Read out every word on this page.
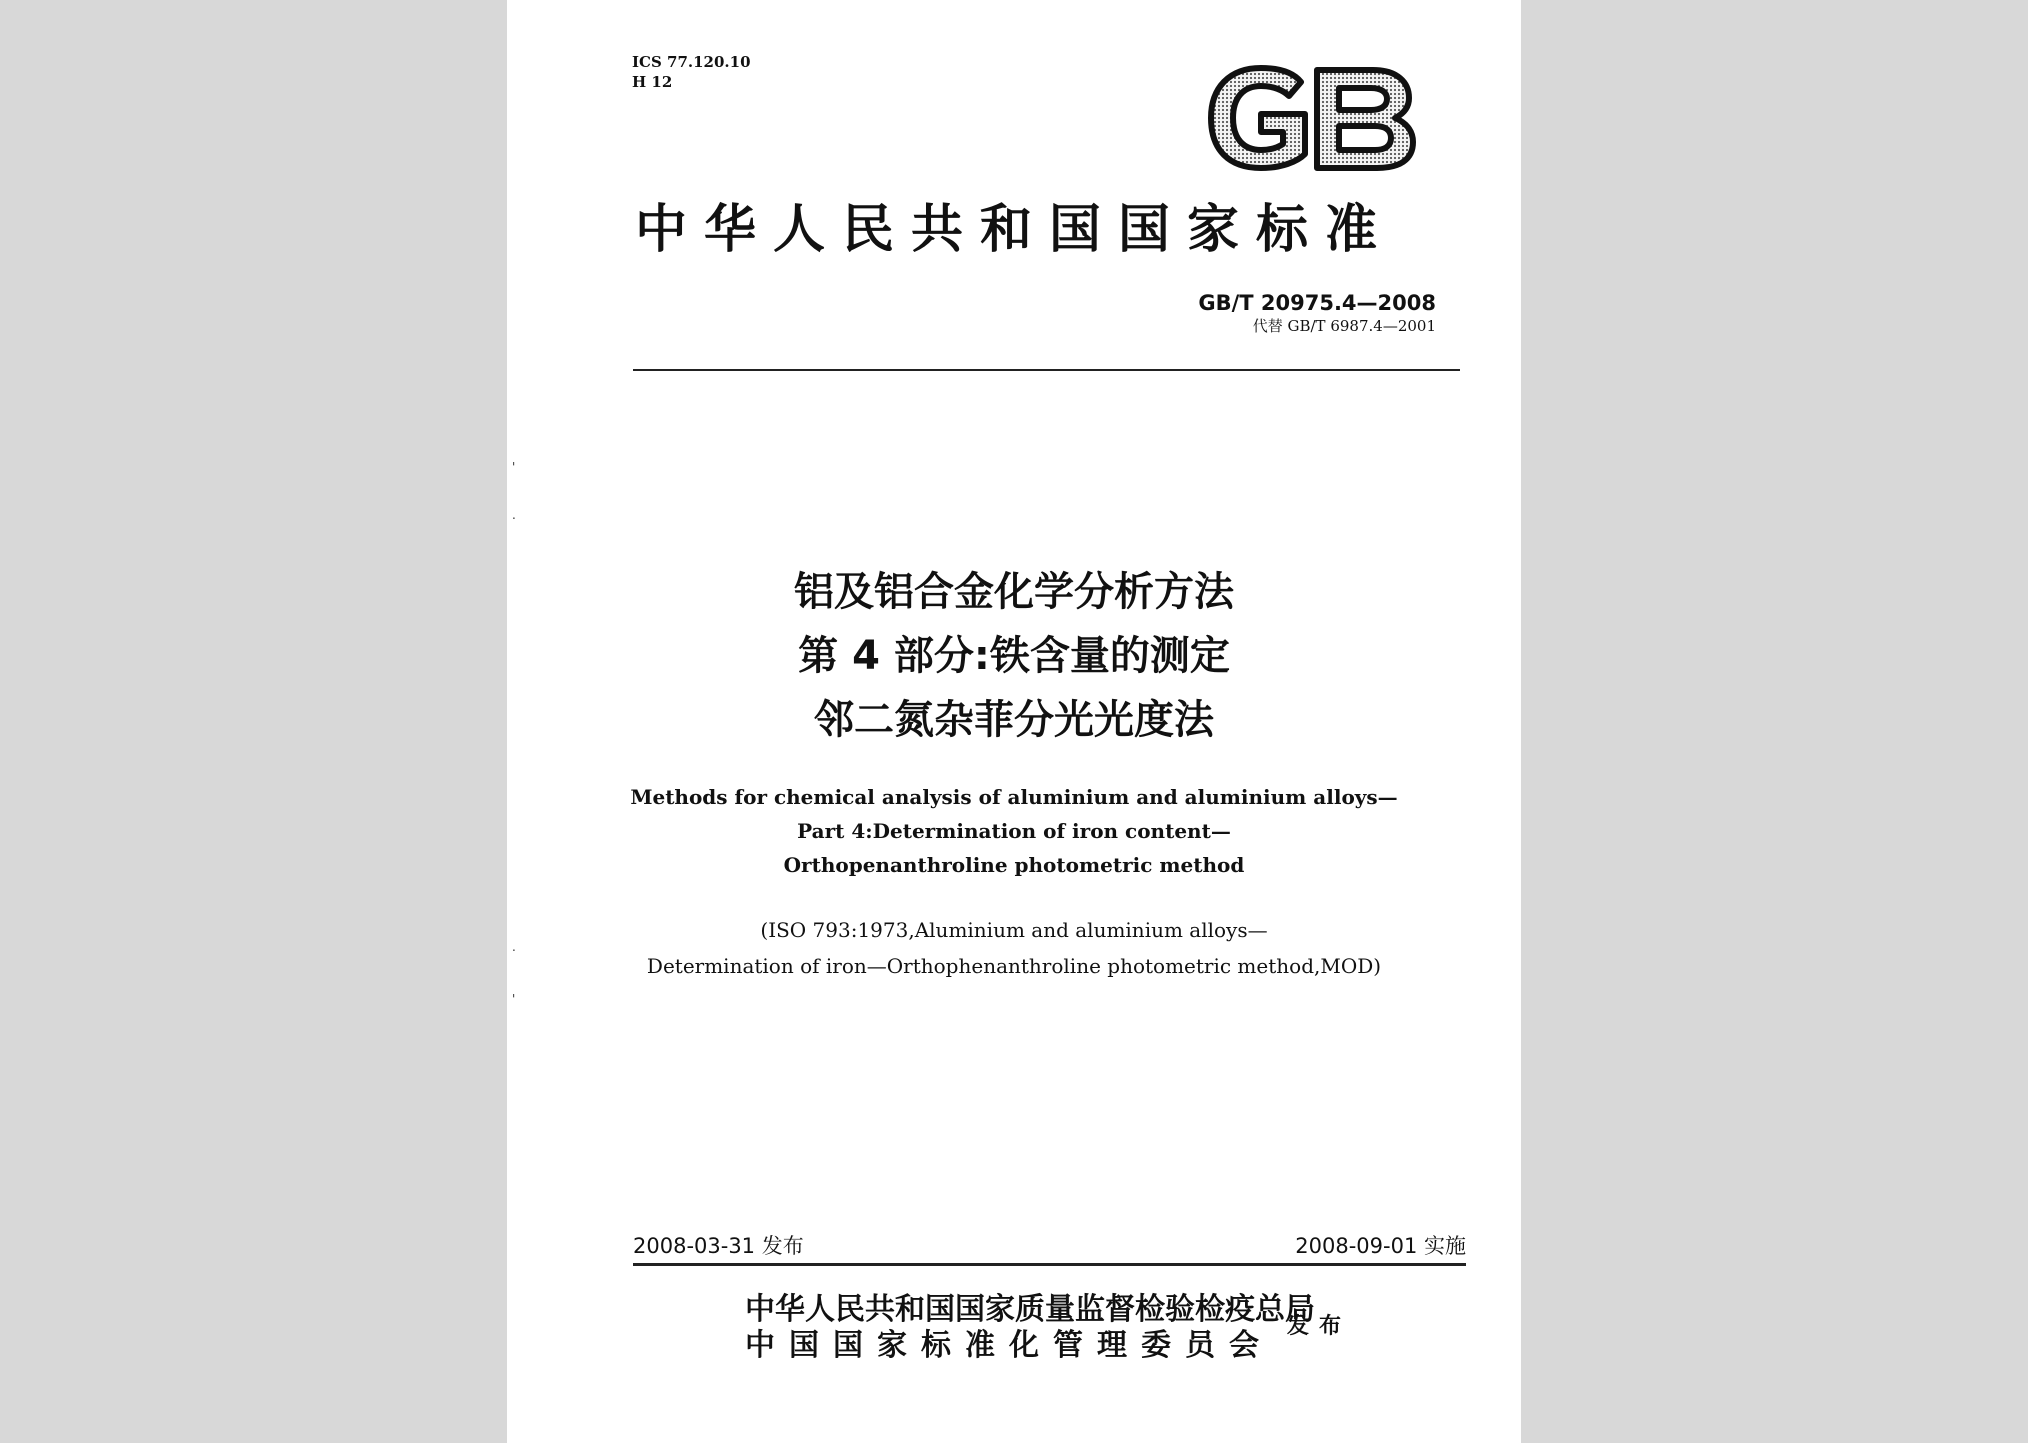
ICS 77.120.10
H 12
中华人民共和国国家标准
GB/T 20975.4—2008
代替 GB/T 6987.4—2001
'
.
.
'
铝及铝合金化学分析方法
第 4 部分:铁含量的测定
邻二氮杂菲分光光度法
Methods for chemical analysis of aluminium and aluminium alloys—
Part 4:Determination of iron content—
Orthopenanthroline photometric method
(ISO 793:1973,Aluminium and aluminium alloys—
Determination of iron—Orthophenanthroline photometric method,MOD)
2008-03-31 发布	2008-09-01 实施
中华人民共和国国家质量监督检验检疫总局
中国国家标准化管理委员会
发布
